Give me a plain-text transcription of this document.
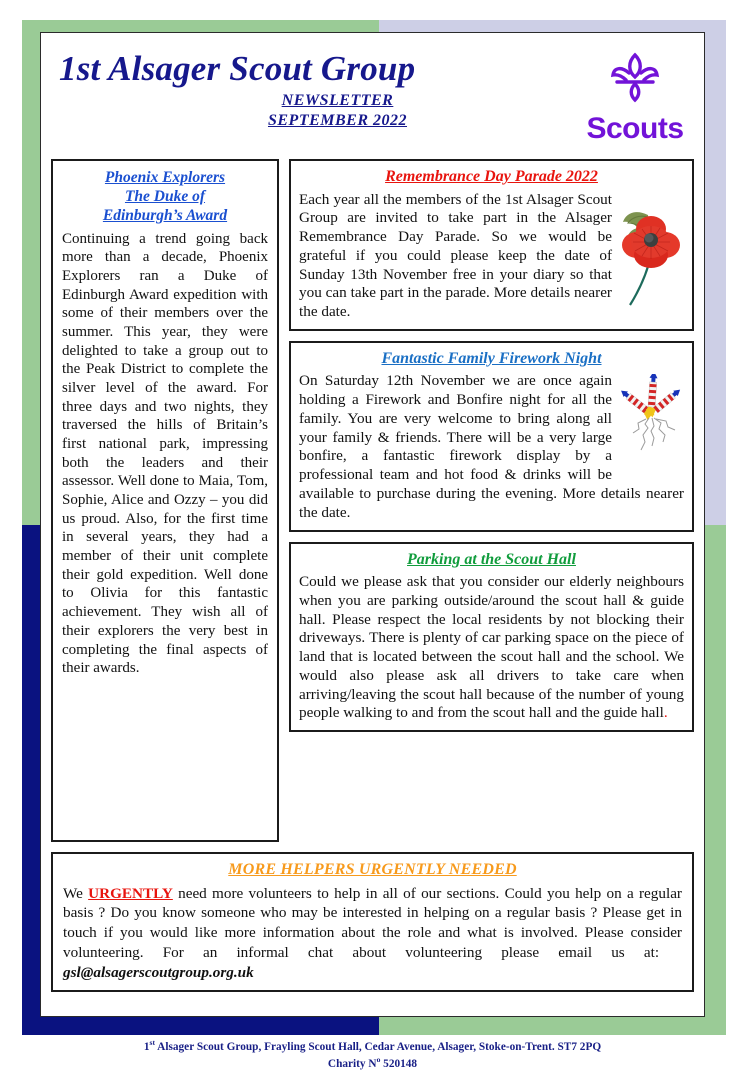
1st Alsager Scout Group
NEWSLETTER
SEPTEMBER 2022	Scouts
Phoenix Explorers
The Duke of
Edinburgh’s Award
Continuing a trend going back more than a decade, Phoenix Explorers ran a Duke of Edinburgh Award expedition with some of their members over the summer. This year, they were delighted to take a group out to the Peak District to complete the silver level of the award. For three days and two nights, they traversed the hills of Britain’s first national park, impressing both the leaders and their assessor. Well done to Maia, Tom, Sophie, Alice and Ozzy – you did us proud. Also, for the first time in several years, they had a member of their unit complete their gold expedition. Well done to Olivia for this fantastic achievement. They wish all of their explorers the very best in completing the final aspects of their awards.
Remembrance Day Parade 2022
Each year all the members of the 1st Alsager Scout Group are invited to take part in the Alsager Remembrance Day Parade. So we would be grateful if you could please keep the date of Sunday 13th November free in your diary so that you can take part in the parade. More details nearer the date.
Fantastic Family Firework Night
On Saturday 12th November we are once again holding a Firework and Bonfire night for all the family. You are very welcome to bring along all your family & friends. There will be a very large bonfire, a fantastic firework display by a professional team and hot food & drinks will be available to purchase during the evening. More details nearer the date.
Parking at the Scout Hall
Could we please ask that you consider our elderly neighbours when you are parking outside/around the scout hall & guide hall. Please respect the local residents by not blocking their driveways. There is plenty of car parking space on the piece of land that is located between the scout hall and the school. We would also please ask all drivers to take care when arriving/leaving the scout hall because of the number of young people walking to and from the scout hall and the guide hall.
MORE HELPERS URGENTLY NEEDED
We URGENTLY need more volunteers to help in all of our sections. Could you help on a regular basis ? Do you know someone who may be interested in helping on a regular basis ? Please get in touch if you would like more information about the role and what is involved. Please consider volunteering. For an informal chat about volunteering please email us at:   gsl@alsagerscoutgroup.org.uk
1st Alsager Scout Group, Frayling Scout Hall, Cedar Avenue, Alsager, Stoke-on-Trent. ST7 2PQ
Charity $N^o$ 520148
